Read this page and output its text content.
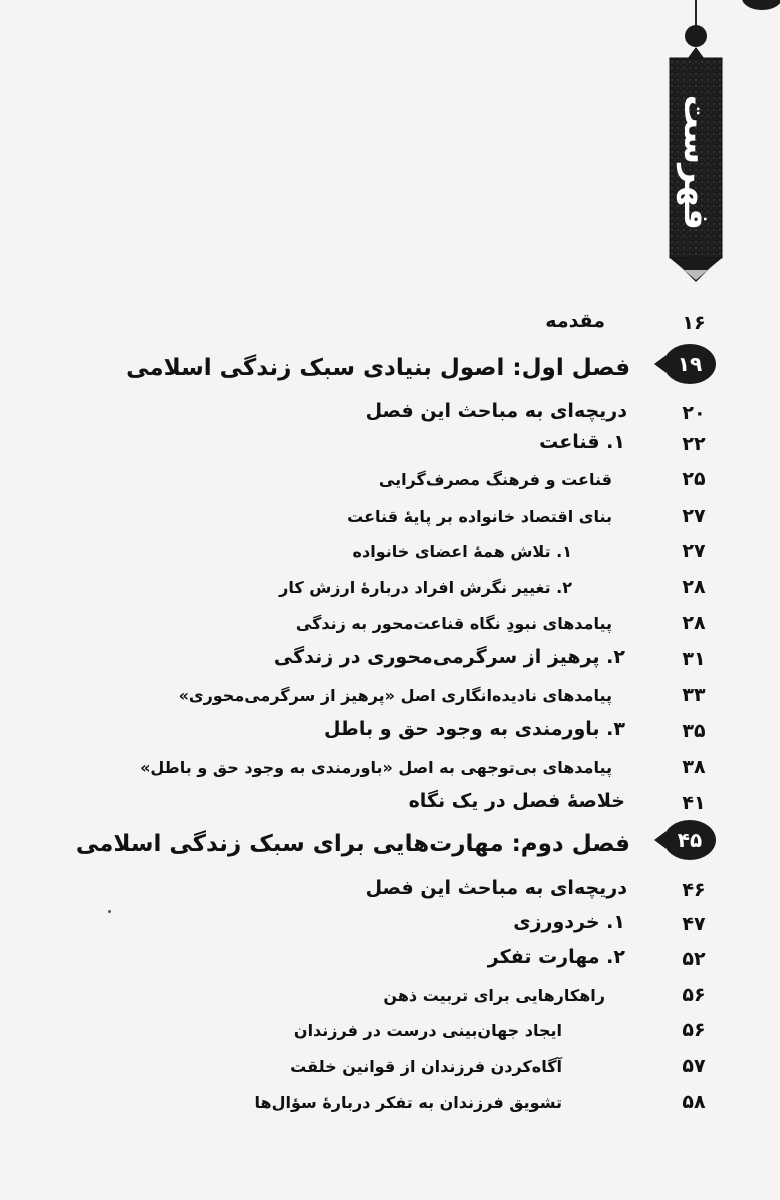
فهرست
۱۶
مقدمه
۱۹
فصل اول: اصول بنیادی سبک زندگی اسلامی
۲۰
دریچه‌ای به مباحث این فصل
۲۲
۱. قناعت
۲۵
قناعت و فرهنگ مصرف‌گرایی
۲۷
بنای اقتصاد خانواده بر پایهٔ قناعت
۲۷
۱. تلاش همهٔ اعضای خانواده
۲۸
۲. تغییر نگرش افراد دربارهٔ ارزش کار
۲۸
پیامدهای نبودِ نگاه قناعت‌محور به زندگی
۳۱
۲. پرهیز از سرگرمی‌محوری در زندگی
۳۳
پیامدهای نادیده‌انگاری اصل «پرهیز از سرگرمی‌محوری»
۳۵
۳. باورمندی به وجود حق و باطل
۳۸
پیامدهای بی‌توجهی به اصل «باورمندی به وجود حق و باطل»
۴۱
خلاصهٔ فصل در یک نگاه
۴۵
فصل دوم: مهارت‌هایی برای سبک زندگی اسلامی
۴۶
دریچه‌ای به مباحث این فصل
۴۷
۱. خردورزی
۵۲
۲. مهارت تفکر
۵۶
راهکارهایی برای تربیت ذهن
۵۶
ایجاد جهان‌بینی درست در فرزندان
۵۷
آگاه‌کردن فرزندان از قوانین خلقت
۵۸
تشویق فرزندان به تفکر دربارهٔ سؤال‌ها
